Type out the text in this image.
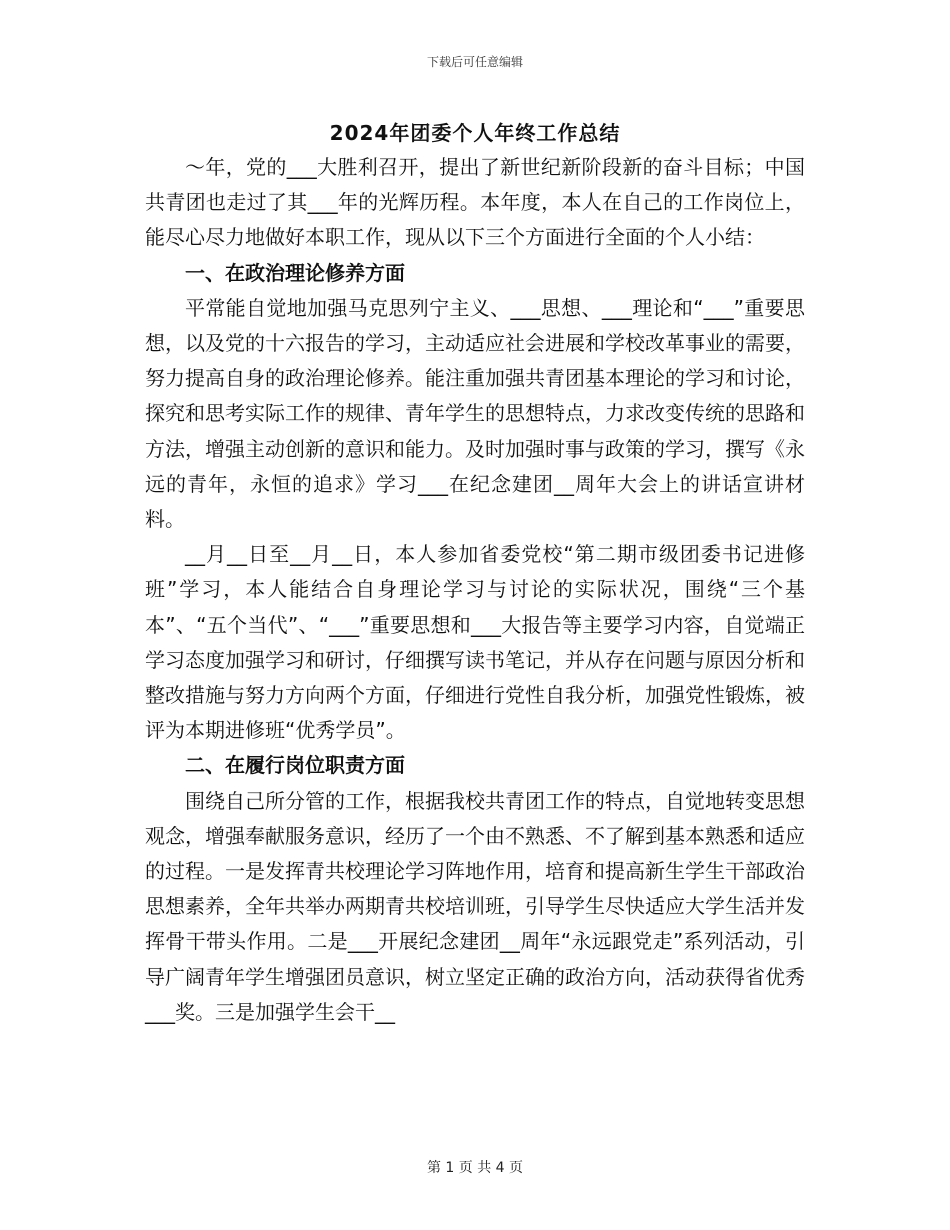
下载后可任意编辑
2024年团委个人年终工作总结

～年，党的___大胜利召开，提出了新世纪新阶段新的奋斗目标；中国共青团也走过了其___年的光辉历程。本年度，本人在自己的工作岗位上，能尽心尽力地做好本职工作，现从以下三个方面进行全面的个人小结：

一、在政治理论修养方面

平常能自觉地加强马克思列宁主义、___思想、___理论和“___”重要思想，以及党的十六报告的学习，主动适应社会进展和学校改革事业的需要，努力提高自身的政治理论修养。能注重加强共青团基本理论的学习和讨论，探究和思考实际工作的规律、青年学生的思想特点，力求改变传统的思路和方法，增强主动创新的意识和能力。及时加强时事与政策的学习，撰写《永远的青年，永恒的追求》学习___在纪念建团__周年大会上的讲话宣讲材料。

__月__日至__月__日，本人参加省委党校“第二期市级团委书记进修班”学习，本人能结合自身理论学习与讨论的实际状况，围绕“三个基本”、“五个当代”、“___”重要思想和___大报告等主要学习内容，自觉端正学习态度加强学习和研讨，仔细撰写读书笔记，并从存在问题与原因分析和整改措施与努力方向两个方面，仔细进行党性自我分析，加强党性锻炼，被评为本期进修班“优秀学员”。

二、在履行岗位职责方面

围绕自己所分管的工作，根据我校共青团工作的特点，自觉地转变思想观念，增强奉献服务意识，经历了一个由不熟悉、不了解到基本熟悉和适应的过程。一是发挥青共校理论学习阵地作用，培育和提高新生学生干部政治思想素养，全年共举办两期青共校培训班，引导学生尽快适应大学生活并发挥骨干带头作用。二是___开展纪念建团__周年“永远跟党走”系列活动，引导广阔青年学生增强团员意识，树立坚定正确的政治方向，活动获得省优秀___奖。三是加强学生会干__

第 1 页 共 4 页
